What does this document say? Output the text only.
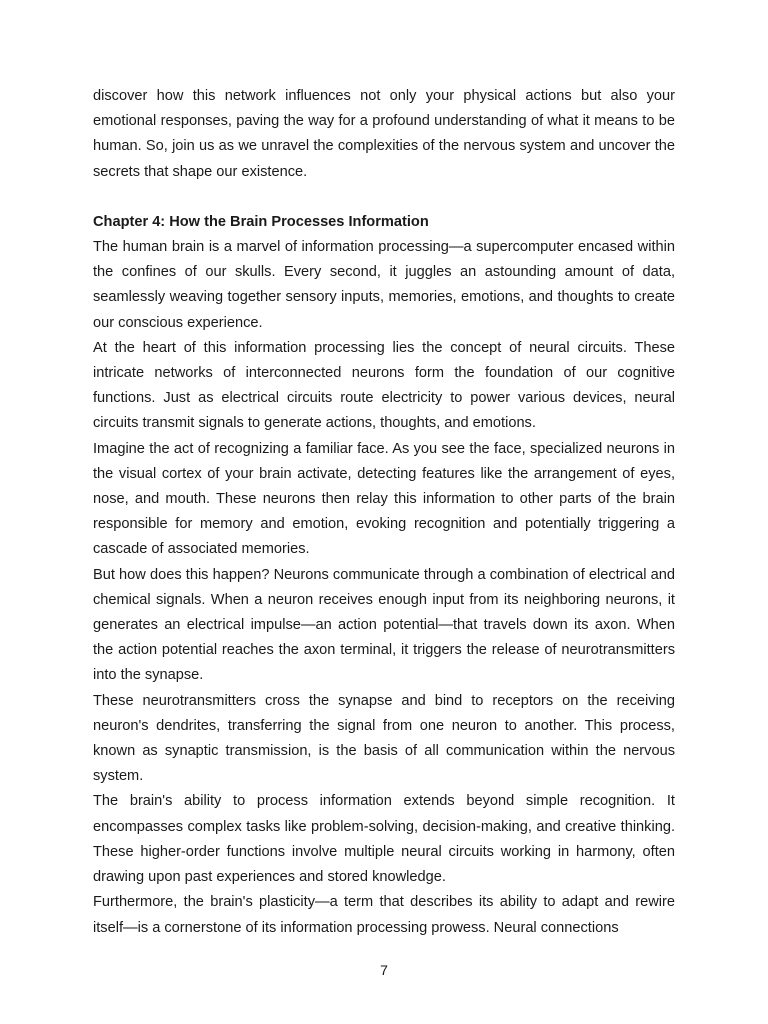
discover how this network influences not only your physical actions but also your emotional responses, paving the way for a profound understanding of what it means to be human. So, join us as we unravel the complexities of the nervous system and uncover the secrets that shape our existence.

Chapter 4: How the Brain Processes Information

The human brain is a marvel of information processing—a supercomputer encased within the confines of our skulls. Every second, it juggles an astounding amount of data, seamlessly weaving together sensory inputs, memories, emotions, and thoughts to create our conscious experience.

At the heart of this information processing lies the concept of neural circuits. These intricate networks of interconnected neurons form the foundation of our cognitive functions. Just as electrical circuits route electricity to power various devices, neural circuits transmit signals to generate actions, thoughts, and emotions.

Imagine the act of recognizing a familiar face. As you see the face, specialized neurons in the visual cortex of your brain activate, detecting features like the arrangement of eyes, nose, and mouth. These neurons then relay this information to other parts of the brain responsible for memory and emotion, evoking recognition and potentially triggering a cascade of associated memories.

But how does this happen? Neurons communicate through a combination of electrical and chemical signals. When a neuron receives enough input from its neighboring neurons, it generates an electrical impulse—an action potential—that travels down its axon. When the action potential reaches the axon terminal, it triggers the release of neurotransmitters into the synapse.

These neurotransmitters cross the synapse and bind to receptors on the receiving neuron's dendrites, transferring the signal from one neuron to another. This process, known as synaptic transmission, is the basis of all communication within the nervous system.

The brain's ability to process information extends beyond simple recognition. It encompasses complex tasks like problem-solving, decision-making, and creative thinking. These higher-order functions involve multiple neural circuits working in harmony, often drawing upon past experiences and stored knowledge.

Furthermore, the brain's plasticity—a term that describes its ability to adapt and rewire itself—is a cornerstone of its information processing prowess. Neural connections

7
